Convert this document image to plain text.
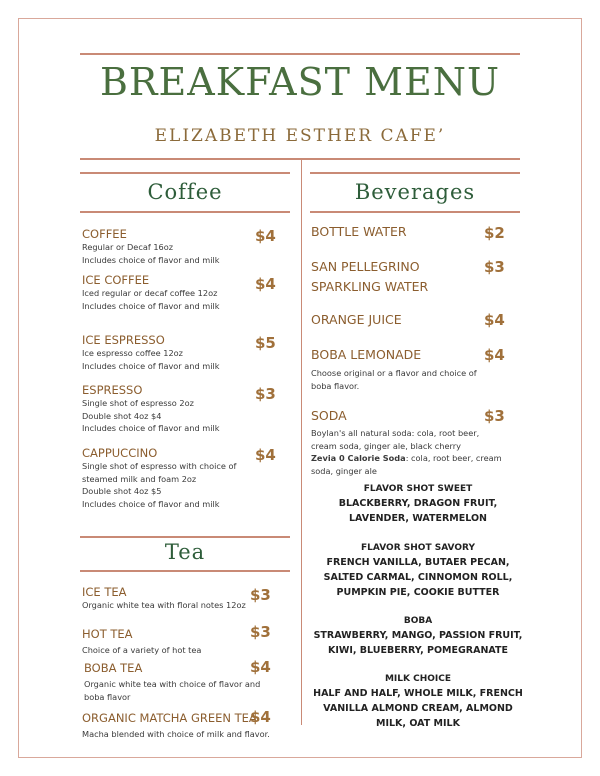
BREAKFAST MENU
ELIZABETH ESTHER CAFE’
Coffee
COFFEE
Regular or Decaf 16oz
Includes choice of flavor and milk
$4
ICE COFFEE
Iced regular or decaf coffee 12oz
Includes choice of flavor and milk
$4
ICE ESPRESSO
Ice espresso coffee 12oz
Includes choice of flavor and milk
$5
ESPRESSO
Single shot of espresso 2oz
Double shot 4oz $4
Includes choice of flavor and milk
$3
CAPPUCCINO
Single shot of espresso with choice of
steamed milk and foam 2oz
Double shot 4oz $5
Includes choice of flavor and milk
$4
Tea
ICE TEA
Organic white tea with floral notes 12oz
$3
HOT TEA
Choice of a variety of hot tea
$3
BOBA TEA
Organic white tea with choice of flavor and
boba flavor
$4
ORGANIC MATCHA GREEN TEA
Macha blended with choice of milk and flavor.
$4
Beverages
BOTTLE WATER	$2
SAN PELLEGRINO
SPARKLING WATER
$3
ORANGE JUICE	$4
BOBA LEMONADE
Choose original or a flavor and choice of
boba flavor.
$4
SODA
Boylan's all natural soda: cola, root beer,
cream soda, ginger ale, black cherry
Zevia 0 Calorie Soda: cola, root beer, cream
soda, ginger ale
$3
FLAVOR SHOT SWEET
BLACKBERRY, DRAGON FRUIT,
LAVENDER, WATERMELON
FLAVOR SHOT SAVORY
FRENCH VANILLA, BUTAER PECAN,
SALTED CARMAL, CINNOMON ROLL,
PUMPKIN PIE, COOKIE BUTTER
BOBA
STRAWBERRY, MANGO, PASSION FRUIT,
KIWI, BLUEBERRY, POMEGRANATE
MILK CHOICE
HALF AND HALF, WHOLE MILK, FRENCH
VANILLA ALMOND CREAM, ALMOND
MILK, OAT MILK
